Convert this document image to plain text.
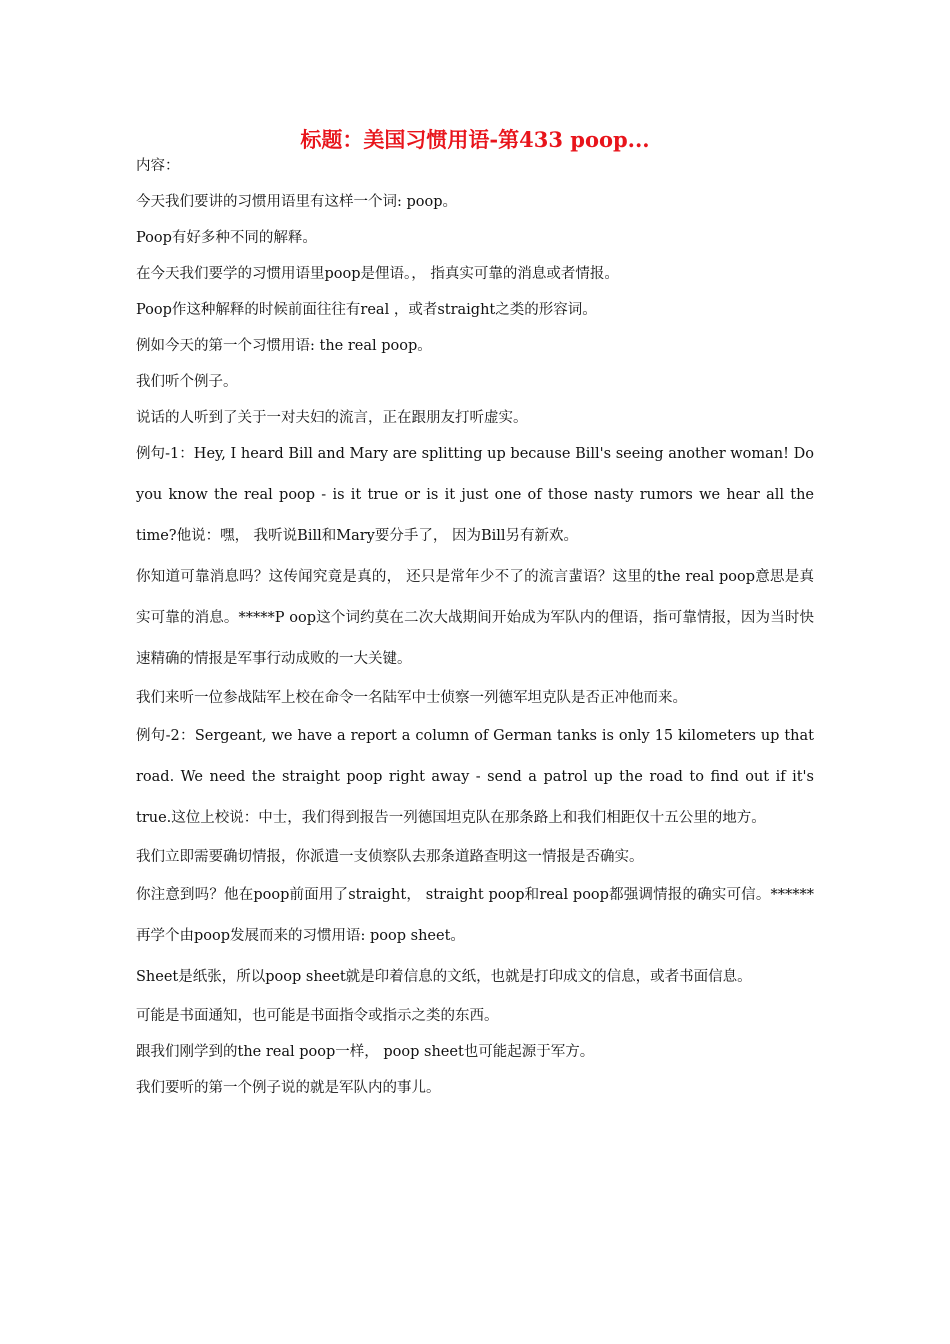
标题：美国习惯用语-第433 poop...

内容：

今天我们要讲的习惯用语里有这样一个词: poop。

Poop有好多种不同的解释。

在今天我们要学的习惯用语里poop是俚语。， 指真实可靠的消息或者情报。

Poop作这种解释的时候前面往往有real ，或者straight之类的形容词。

例如今天的第一个习惯用语: the real poop。

我们听个例子。

说话的人听到了关于一对夫妇的流言，正在跟朋友打听虚实。

例句-1：Hey, I heard Bill and Mary are splitting up because Bill's seeing another woman! Do you know the real poop - is it true or is it just one of those nasty rumors we hear all the time?他说：嘿， 我听说Bill和Mary要分手了， 因为Bill另有新欢。

你知道可靠消息吗？这传闻究竟是真的， 还只是常年少不了的流言蜚语？这里的the real poop意思是真实可靠的消息。*****P oop这个词约莫在二次大战期间开始成为军队内的俚语，指可靠情报，因为当时快速精确的情报是军事行动成败的一大关键。

我们来听一位参战陆军上校在命令一名陆军中士侦察一列德军坦克队是否正冲他而来。

例句-2：Sergeant, we have a report a column of German tanks is only 15 kilometers up that road. We need the straight poop right away - send a patrol up the road to find out if it's true.这位上校说：中士，我们得到报告一列德国坦克队在那条路上和我们相距仅十五公里的地方。

我们立即需要确切情报，你派遣一支侦察队去那条道路查明这一情报是否确实。

你注意到吗？他在poop前面用了straight， straight poop和real poop都强调情报的确实可信。******再学个由poop发展而来的习惯用语: poop sheet。

Sheet是纸张，所以poop sheet就是印着信息的文纸，也就是打印成文的信息，或者书面信息。

可能是书面通知，也可能是书面指令或指示之类的东西。

跟我们刚学到的the real poop一样， poop sheet也可能起源于军方。

我们要听的第一个例子说的就是军队内的事儿。
